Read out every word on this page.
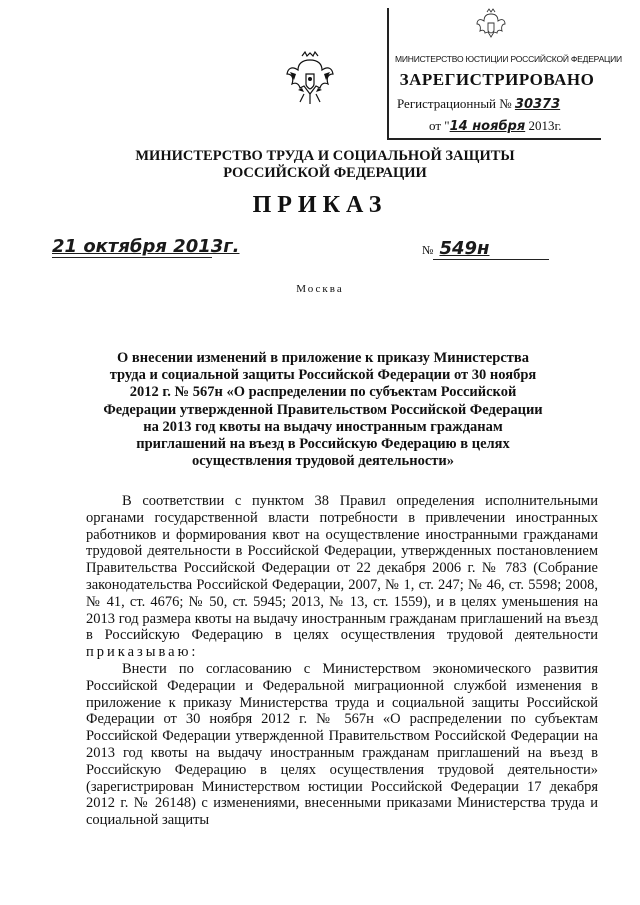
МИНИСТЕРСТВО ЮСТИЦИИ РОССИЙСКОЙ ФЕДЕРАЦИИ
ЗАРЕГИСТРИРОВАНО
Регистрационный № 30373
от "14 ноября 2013г.
МИНИСТЕРСТВО ТРУДА И СОЦИАЛЬНОЙ ЗАЩИТЫ
РОССИЙСКОЙ ФЕДЕРАЦИИ
ПРИКАЗ
21 октября 2013г.	№ 549н
Москва
О внесении изменений в приложение к приказу Министерства труда и социальной защиты Российской Федерации от 30 ноября 2012 г. № 567н «О распределении по субъектам Российской Федерации утвержденной Правительством Российской Федерации на 2013 год квоты на выдачу иностранным гражданам приглашений на въезд в Российскую Федерацию в целях осуществления трудовой деятельности»

В соответствии с пунктом 38 Правил определения исполнительными органами государственной власти потребности в привлечении иностранных работников и формирования квот на осуществление иностранными гражданами трудовой деятельности в Российской Федерации, утвержденных постановлением Правительства Российской Федерации от 22 декабря 2006 г. № 783 (Собрание законодательства Российской Федерации, 2007, № 1, ст. 247; № 46, ст. 5598; 2008, № 41, ст. 4676; № 50, ст. 5945; 2013, № 13, ст. 1559), и в целях уменьшения на 2013 год размера квоты на выдачу иностранным гражданам приглашений на въезд в Российскую Федерацию в целях осуществления трудовой деятельности приказываю:

Внести по согласованию с Министерством экономического развития Российской Федерации и Федеральной миграционной службой изменения в приложение к приказу Министерства труда и социальной защиты Российской Федерации от 30 ноября 2012 г. № 567н «О распределении по субъектам Российской Федерации утвержденной Правительством Российской Федерации на 2013 год квоты на выдачу иностранным гражданам приглашений на въезд в Российскую Федерацию в целях осуществления трудовой деятельности» (зарегистрирован Министерством юстиции Российской Федерации 17 декабря 2012 г. № 26148) с изменениями, внесенными приказами Министерства труда и социальной защиты
